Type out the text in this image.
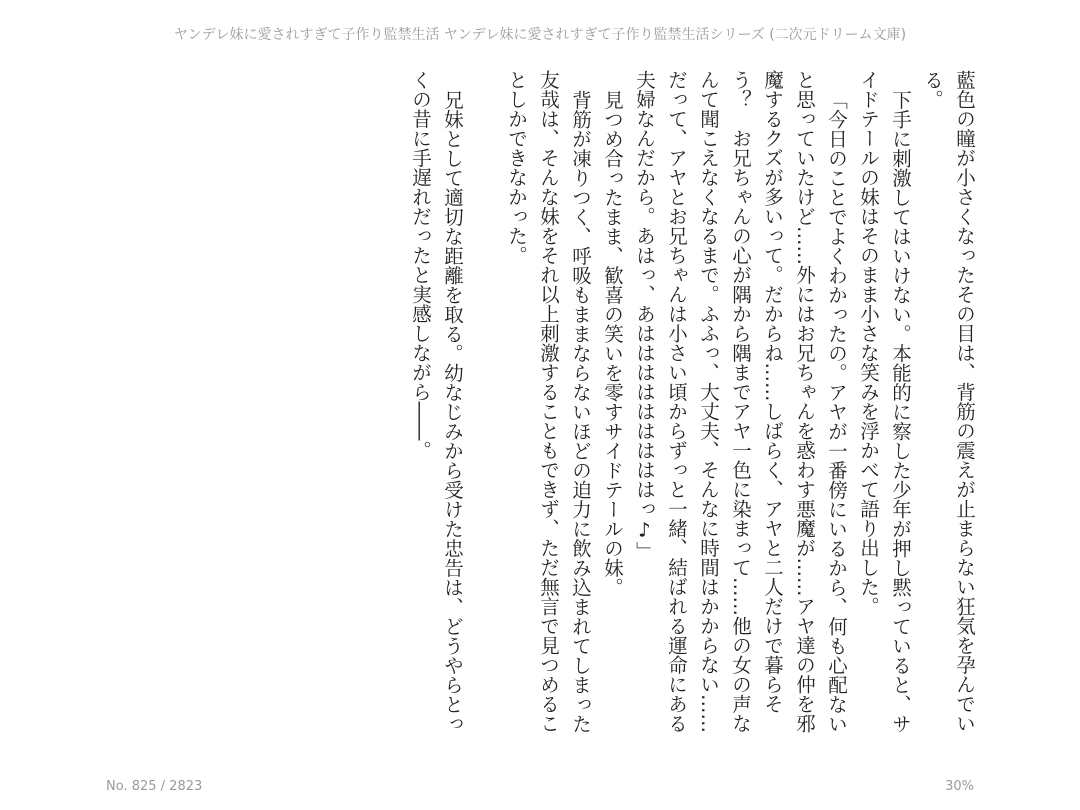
ヤンデレ妹に愛されすぎて子作り監禁生活 ヤンデレ妹に愛されすぎて子作り監禁生活シリーズ (二次元ドリーム文庫)

藍色の瞳が小さくなったその目は、背筋の震えが止まらない狂気を孕んでいる。

下手に刺激してはいけない。本能的に察した少年が押し黙っていると、サイドテールの妹はそのまま小さな笑みを浮かべて語り出した。

「今日のことでよくわかったの。アヤが一番傍にいるから、何も心配ないと思っていたけど……外にはお兄ちゃんを惑わす悪魔が……アヤ達の仲を邪魔するクズが多いって。だからね……しばらく、アヤと二人だけで暮らそう？　お兄ちゃんの心が隅から隅までアヤ一色に染まって……他の女の声なんて聞こえなくなるまで。ふふっ、大丈夫、そんなに時間はかからない……だって、アヤとお兄ちゃんは小さい頃からずっと一緒、結ばれる運命にある夫婦なんだから。あはっ、あはははははははははっ♪」

見つめ合ったまま、歓喜の笑いを零すサイドテールの妹。

背筋が凍りつく、呼吸もままならないほどの迫力に飲み込まれてしまった友哉は、そんな妹をそれ以上刺激することもできず、ただ無言で見つめることしかできなかった。

兄妹として適切な距離を取る。幼なじみから受けた忠告は、どうやらとっくの昔に手遅れだったと実感しながら――。

No. 825 / 2823	30%
